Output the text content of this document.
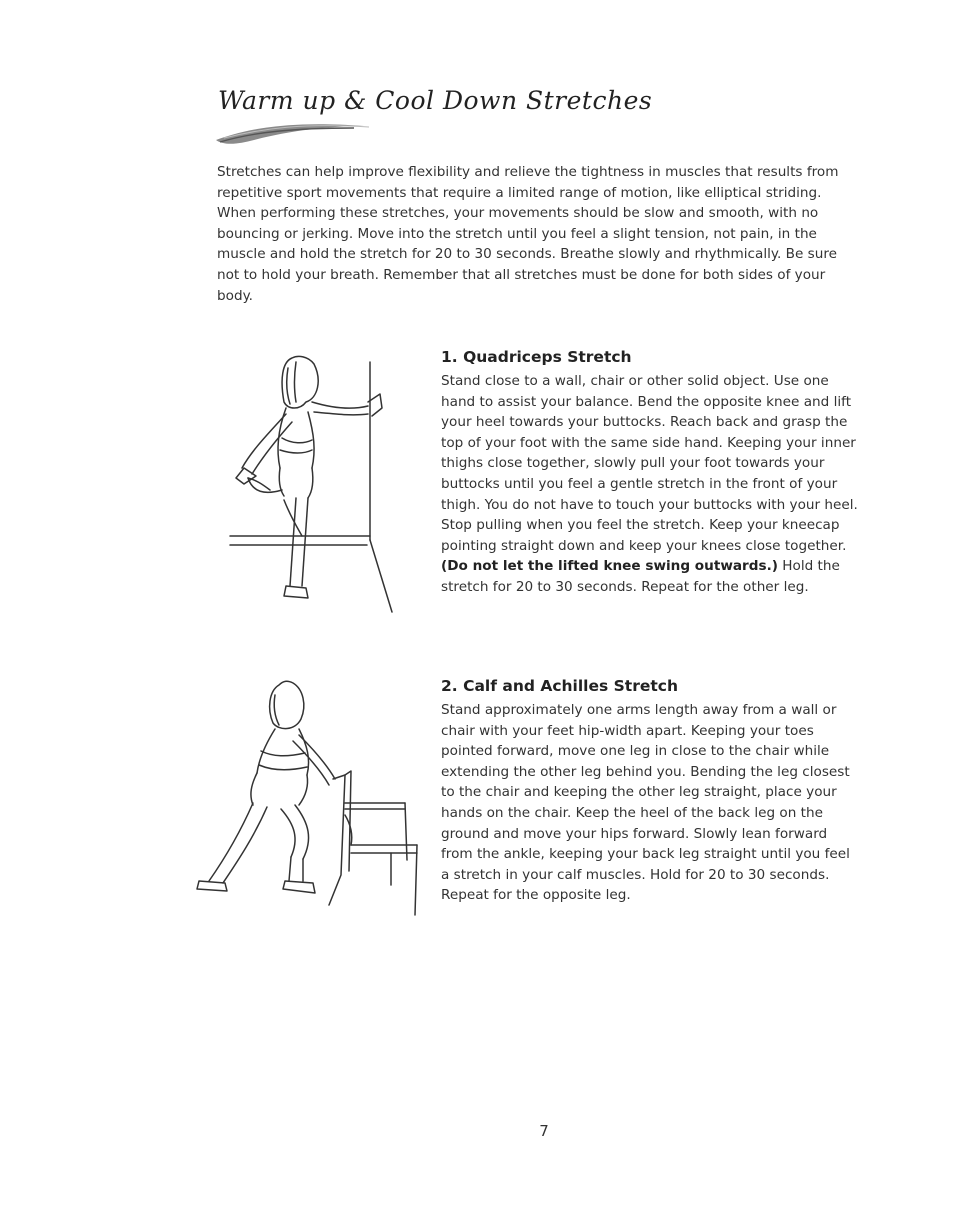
Warm up & Cool Down Stretches

Stretches can help improve flexibility and relieve the tightness in muscles that results from repetitive sport movements that require a limited range of motion, like elliptical striding. When performing these stretches, your movements should be slow and smooth, with no bouncing or jerking. Move into the stretch until you feel a slight tension, not pain, in the muscle and hold the stretch for 20 to 30 seconds. Breathe slowly and rhythmically. Be sure not to hold your breath. Remember that all stretches must be done for both sides of your body.

1. Quadriceps Stretch

Stand close to a wall, chair or other solid object. Use one hand to assist your balance. Bend the opposite knee and lift your heel towards your buttocks. Reach back and grasp the top of your foot with the same side hand. Keeping your inner thighs close together, slowly pull your foot towards your buttocks until you feel a gentle stretch in the front of your thigh. You do not have to touch your buttocks with your heel. Stop pulling when you feel the stretch. Keep your kneecap pointing straight down and keep your knees close together. (Do not let the lifted knee swing outwards.) Hold the stretch for 20 to 30 seconds. Repeat for the other leg.

2. Calf and Achilles Stretch

Stand approximately one arms length away from a wall or chair with your feet hip-width apart. Keeping your toes pointed forward, move one leg in close to the chair while extending the other leg behind you. Bending the leg closest to the chair and keeping the other leg straight, place your hands on the chair. Keep the heel of the back leg on the ground and move your hips forward. Slowly lean forward from the ankle, keeping your back leg straight until you feel a stretch in your calf muscles. Hold for 20 to 30 seconds. Repeat for the opposite leg.

7
